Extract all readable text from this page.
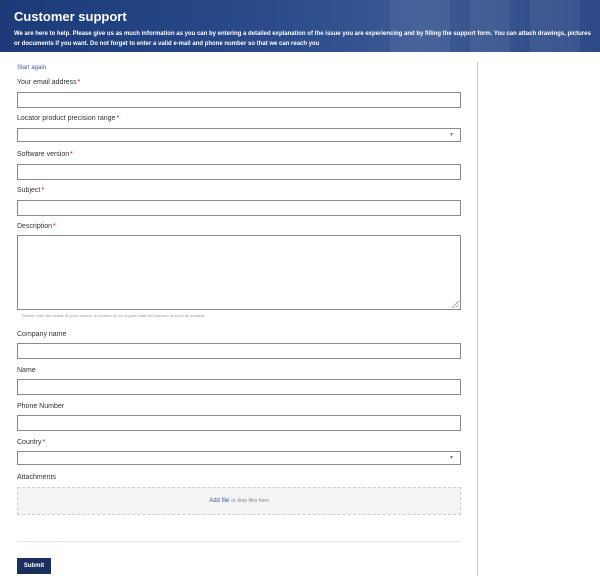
Customer support
We are here to help. Please give us as much information as you can by entering a detailed explanation of the issue you are experiencing and by filling the support form. You can attach drawings, pictures or documents if you want. Do not forget to enter a valid e-mail and phone number so that we can reach you
Start again
Your email address*
Locator product precision range*
▼
Software version*
Subject*
Description*
Please enter the details of your request. A member of our support staff will respond as soon as possible.
Company name
Name
Phone Number
Country*
▼
Attachments
Add file or drop files here
Submit
